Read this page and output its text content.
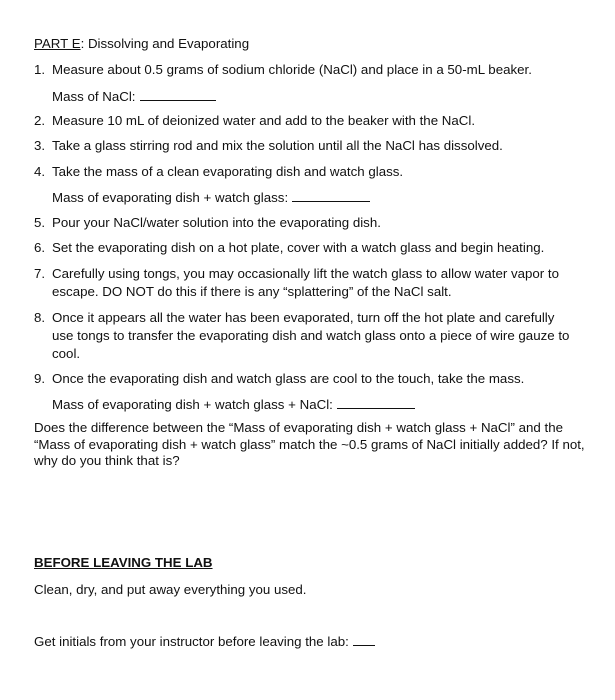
PART E: Dissolving and Evaporating
1. Measure about 0.5 grams of sodium chloride (NaCl) and place in a 50-mL beaker.
2. Measure 10 mL of deionized water and add to the beaker with the NaCl.
3. Take a glass stirring rod and mix the solution until all the NaCl has dissolved.
4. Take the mass of a clean evaporating dish and watch glass.
5. Pour your NaCl/water solution into the evaporating dish.
6. Set the evaporating dish on a hot plate, cover with a watch glass and begin heating.
7. Carefully using tongs, you may occasionally lift the watch glass to allow water vapor to escape. DO NOT do this if there is any “splattering” of the NaCl salt.
8. Once it appears all the water has been evaporated, turn off the hot plate and carefully use tongs to transfer the evaporating dish and watch glass onto a piece of wire gauze to cool.
9. Once the evaporating dish and watch glass are cool to the touch, take the mass.
Mass of NaCl:
Mass of evaporating dish + watch glass:
Mass of evaporating dish + watch glass + NaCl:
Does the difference between the “Mass of evaporating dish + watch glass + NaCl” and the “Mass of evaporating dish + watch glass” match the ~0.5 grams of NaCl initially added? If not, why do you think that is?
BEFORE LEAVING THE LAB
Clean, dry, and put away everything you used.
Get initials from your instructor before leaving the lab:
